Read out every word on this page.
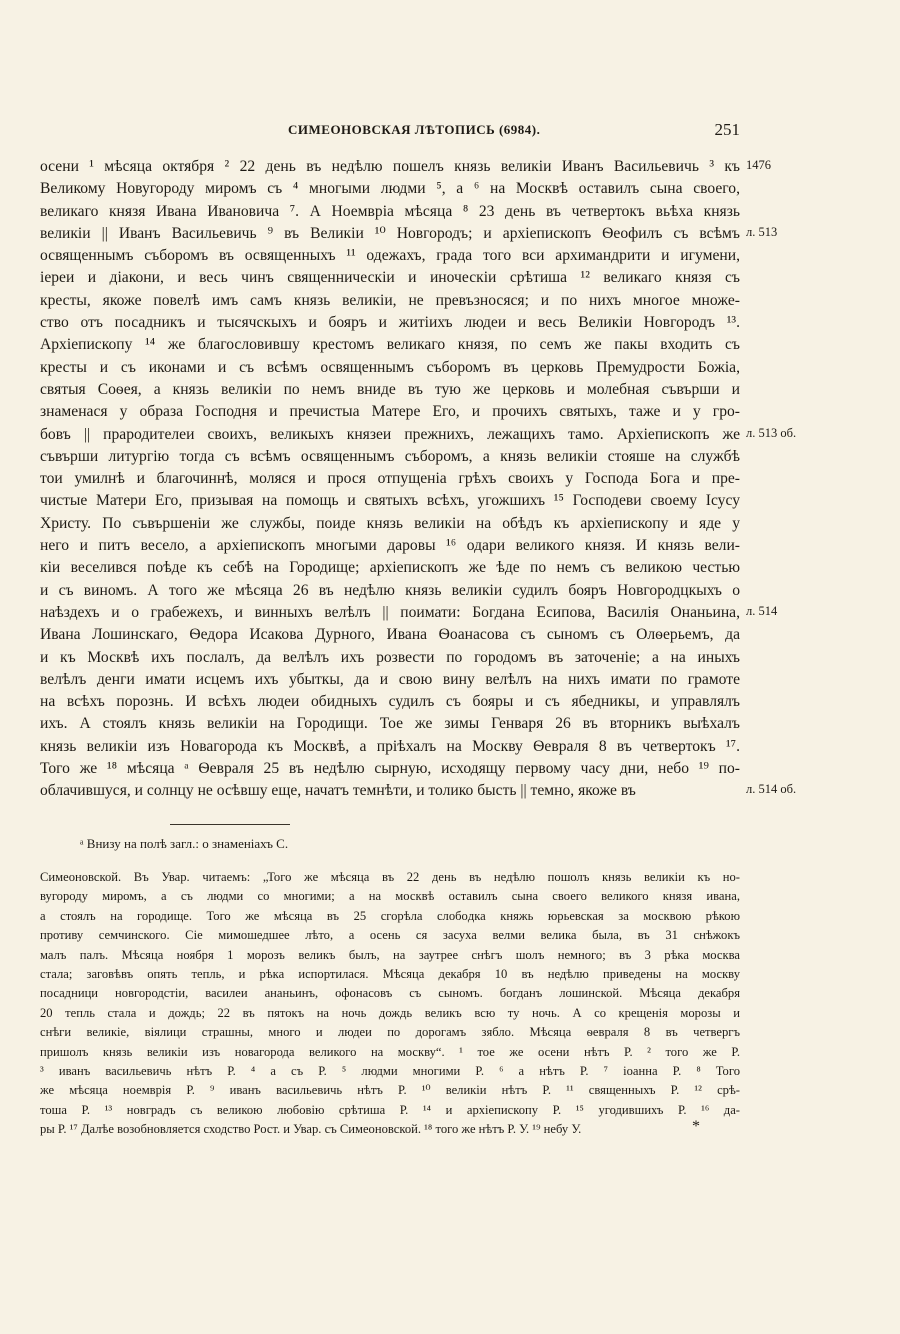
СИМЕОНОВСКАЯ ЛѢТОПИСЬ (6984).	251
осени ¹ мѣсяца октября ² 22 день въ недѣлю пошелъ князь великiи Иванъ Васильевичь ³ къ
Великому Новугороду миромъ съ ⁴ многыми людми ⁵, а ⁶ на Москвѣ оставилъ сына своего,
великаго князя Ивана Ивановича ⁷. А Ноемвріа мѣсяца ⁸ 23 день въ четвертокъ вьѣха князь
великiи || Иванъ Васильевичь ⁹ въ Великiи ¹⁰ Новгородъ; и архіепископъ Ѳеофилъ съ всѣмъ
освященнымъ съборомъ въ освященныхъ ¹¹ одежахъ, града того вси архимандрити и игумени,
iереи и діакони, и весь чинъ священническiи и иноческiи срѣтиша ¹² великаго князя съ
кресты, якоже повелѣ имъ самъ князь великiи, не превъзносяся; и по нихъ многое множе-
ство отъ посадникъ и тысячскыхъ и бояръ и житiихъ людеи и весь Великiи Новгородъ ¹³.
Архіепископу ¹⁴ же благословившу крестомъ великаго князя, по семъ же пакы входить съ
кресты и съ иконами и съ всѣмъ освященнымъ съборомъ въ церковь Премудрости Божiа,
святыя Соѳея, а князь великiи по немъ вниде въ тую же церковь и молебная съвърши и
знаменася у образа Господня и пречистыа Матере Его, и прочихъ святыхъ, таже и у гро-
бовъ || прародителеи своихъ, великыхъ князеи прежнихъ, лежащихъ тамо. Архіепископъ же
съвърши литургію тогда съ всѣмъ освященнымъ съборомъ, а князь великiи стояше на службѣ
тои умилнѣ и благочиннѣ, моляся и прося отпущенiа грѣхъ своихъ у Господа Бога и пре-
чистые Матери Его, призывая на помощь и святыхъ всѣхъ, угожшихъ ¹⁵ Господеви своему Iсусу
Христу. По съвършенiи же службы, поиде князь великiи на обѣдъ къ архіепископу и яде у
него и питъ весело, а архіепископъ многыми даровы ¹⁶ одари великого князя. И князь вели-
кiи веселився поѣде къ себѣ на Городище; архіепископъ же ѣде по немъ съ великою честью
и съ виномъ. А того же мѣсяца 26 въ недѣлю князь великiи судилъ бояръ Новгородцкыхъ о
наѣздехъ и о грабежехъ, и винныхъ велѣлъ || поимати: Богдана Есипова, Василія Онаньина,
Ивана Лошинскаго, Ѳедора Исакова Дурного, Ивана Ѳоанасова съ сыномъ съ Олѳерьемъ, да
и къ Москвѣ ихъ послалъ, да велѣлъ ихъ розвести по городомъ въ заточенiе; а на иныхъ
велѣлъ денги имати исцемъ ихъ убыткы, да и свою вину велѣлъ на нихъ имати по грамоте
на всѣхъ порознь. И всѣхъ людеи обидныхъ судилъ съ бояры и съ ябедникы, и управлялъ
ихъ. А стоялъ князь великiи на Городищи. Тое же зимы Генваря 26 въ вторникъ выѣхалъ
князь великiи изъ Новагорода къ Москвѣ, а пріѣхалъ на Москву Ѳевраля 8 въ четвертокъ ¹⁷.
Того же ¹⁸ мѣсяца ᵃ Ѳевраля 25 въ недѣлю сырную, исходящу первому часу дни, небо ¹⁹ по-
облачившуся, и солнцу не осѣвшу еще, начатъ темнѣти, и толико бысть || темно, якоже въ
1476
л. 513
л. 513 об.
л. 514
л. 514 об.
ᵃ Внизу на полѣ загл.: о знаменіахъ С.
Симеоновской. Въ Увар. читаемъ: „Того же мѣсяца въ 22 день въ недѣлю пошолъ князь великiи къ но-
вугороду миромъ, а съ людми со многими; а на москвѣ оставилъ сына своего великого князя ивана,
а стоялъ на городище. Того же мѣсяца въ 25 сгорѣла слобoдка княжь юрьевская за москвою рѣкою
противу семчинского. Сіе мимошедшее лѣто, а осень ся засуха велми велика была, въ 31 снѣжокъ
малъ палъ. Мѣсяца ноября 1 морозъ великъ былъ, на заутрее снѣгъ шолъ немного; въ 3 рѣка москва
стала; заговѣвъ опять тепль, и рѣка испортилася. Мѣсяца декабря 10 въ недѣлю приведены на москву
посадници новгородстіи, василеи ананьинъ, офонасовъ съ сыномъ. богданъ лошинской. Мѣсяца декабря
20 тепль стала и дождь; 22 въ пятокъ на ночь дождь великъ всю ту ночь. А со крещенія морозы и
снѣги великіе, віялици страшны, много и людеи по дорогамъ зябло. Мѣсяца ѳевраля 8 въ четвергъ
пришолъ князь великiи изъ новагорода великого на москву“. ¹ тое же осени нѣтъ Р. ² того же Р.
³ иванъ васильевичь нѣтъ Р. ⁴ а съ Р. ⁵ людми многими Р. ⁶ а нѣтъ Р. ⁷ іоанна Р. ⁸ Того
же мѣсяца ноемврія Р. ⁹ иванъ васильевичь нѣтъ Р. ¹⁰ великiи нѣтъ Р. ¹¹ священныхъ Р. ¹² срѣ-
тоша Р. ¹³ новградъ съ великою любовію срѣтиша Р. ¹⁴ и архіепископу Р. ¹⁵ угодившихъ Р. ¹⁶ да-
ры Р. ¹⁷ Далѣе возобновляется сходство Рост. и Увар. съ Симеоновской. ¹⁸ того же нѣтъ Р. У. ¹⁹ небу У.	*
